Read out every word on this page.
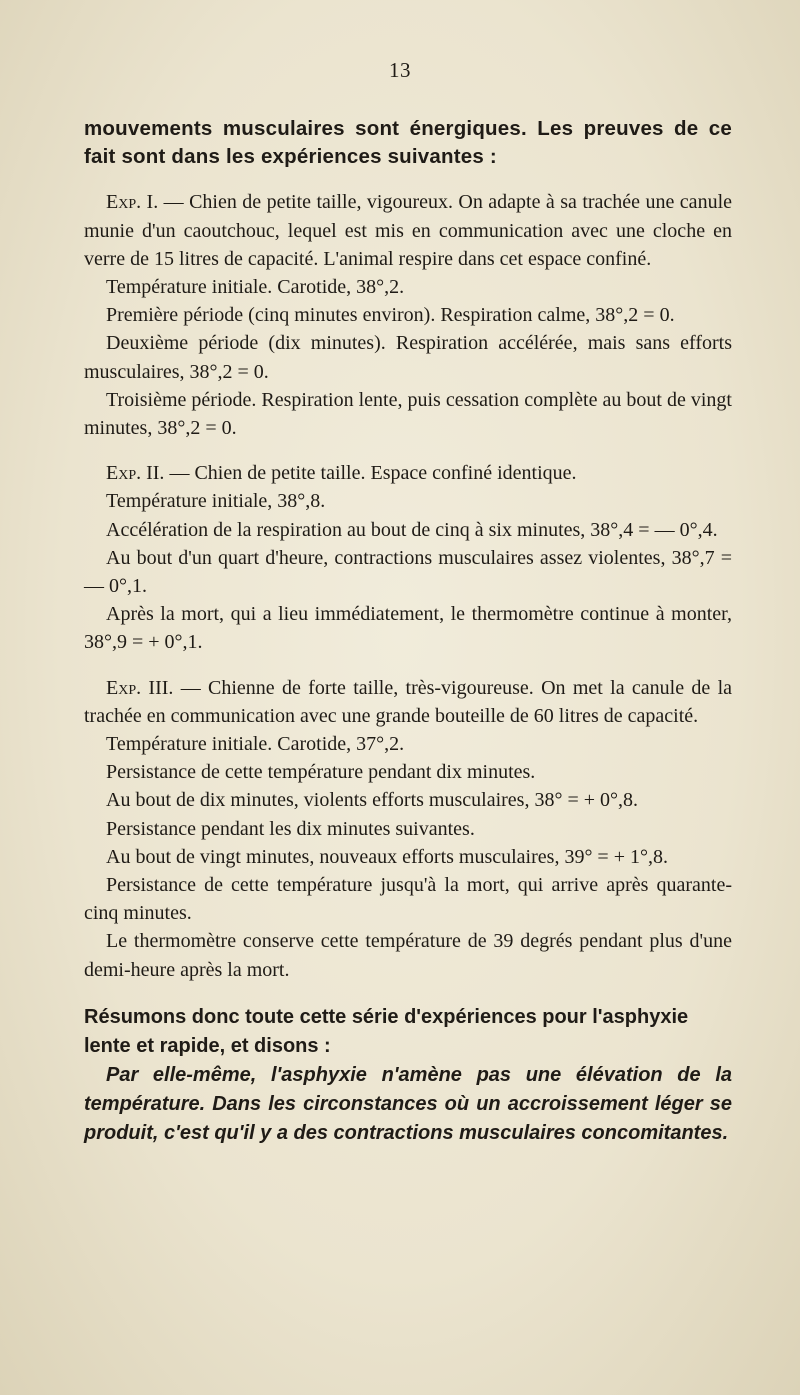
13

mouvements musculaires sont énergiques. Les preuves de ce fait sont dans les expériences suivantes :

Exp. I. — Chien de petite taille, vigoureux. On adapte à sa trachée une canule munie d'un caoutchouc, lequel est mis en communication avec une cloche en verre de 15 litres de capacité. L'animal respire dans cet espace confiné.

Température initiale. Carotide, 38°,2.

Première période (cinq minutes environ). Respiration calme, 38°,2 = 0.

Deuxième période (dix minutes). Respiration accélérée, mais sans efforts musculaires, 38°,2 = 0.

Troisième période. Respiration lente, puis cessation complète au bout de vingt minutes, 38°,2 = 0.

Exp. II. — Chien de petite taille. Espace confiné identique.

Température initiale, 38°,8.

Accélération de la respiration au bout de cinq à six minutes, 38°,4 = — 0°,4.

Au bout d'un quart d'heure, contractions musculaires assez violentes, 38°,7 = — 0°,1.

Après la mort, qui a lieu immédiatement, le thermomètre continue à monter, 38°,9 = + 0°,1.

Exp. III. — Chienne de forte taille, très-vigoureuse. On met la canule de la trachée en communication avec une grande bouteille de 60 litres de capacité.

Température initiale. Carotide, 37°,2.

Persistance de cette température pendant dix minutes.

Au bout de dix minutes, violents efforts musculaires, 38° = + 0°,8.

Persistance pendant les dix minutes suivantes.

Au bout de vingt minutes, nouveaux efforts musculaires, 39° = + 1°,8.

Persistance de cette température jusqu'à la mort, qui arrive après quarante-cinq minutes.

Le thermomètre conserve cette température de 39 degrés pendant plus d'une demi-heure après la mort.

Résumons donc toute cette série d'expériences pour l'asphyxie lente et rapide, et disons :

Par elle-même, l'asphyxie n'amène pas une élévation de la température. Dans les circonstances où un accroissement léger se produit, c'est qu'il y a des contractions musculaires concomitantes.
